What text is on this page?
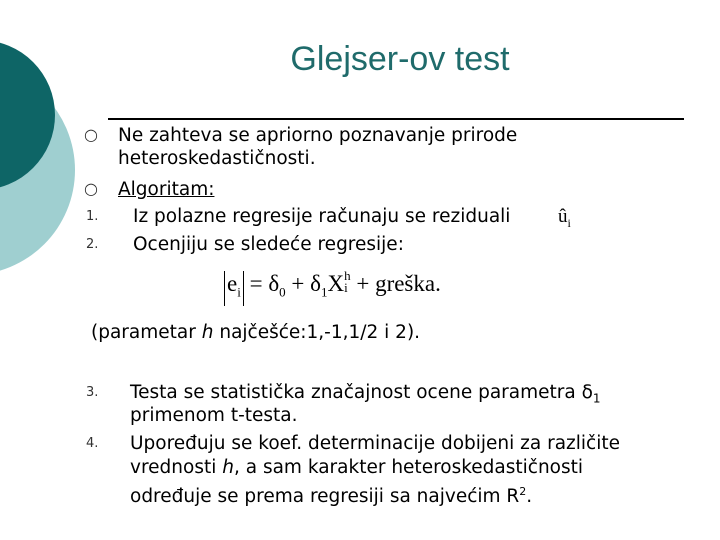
Glejser-ov test
○ Ne zahteva se apriorno poznavanje prirode
heteroskedastičnosti.
○ Algoritam:
1. Iz polazne regresije računaju se reziduali	$û_i$
2. Ocenjiju se sledeće regresije:
$e_i = \delta_0 + \delta_1X$ h
i + greška.
(parametar h najčešće:1,-1,1/2 i 2).
3. Testa se statistička značajnost ocene parametra $\delta_1$
primenom t-testa.
4. Upoređuju se koef. determinacije dobijeni za različite
vrednosti h, a sam karakter heteroskedastičnosti
određuje se prema regresiji sa najvećim $R^2$.
